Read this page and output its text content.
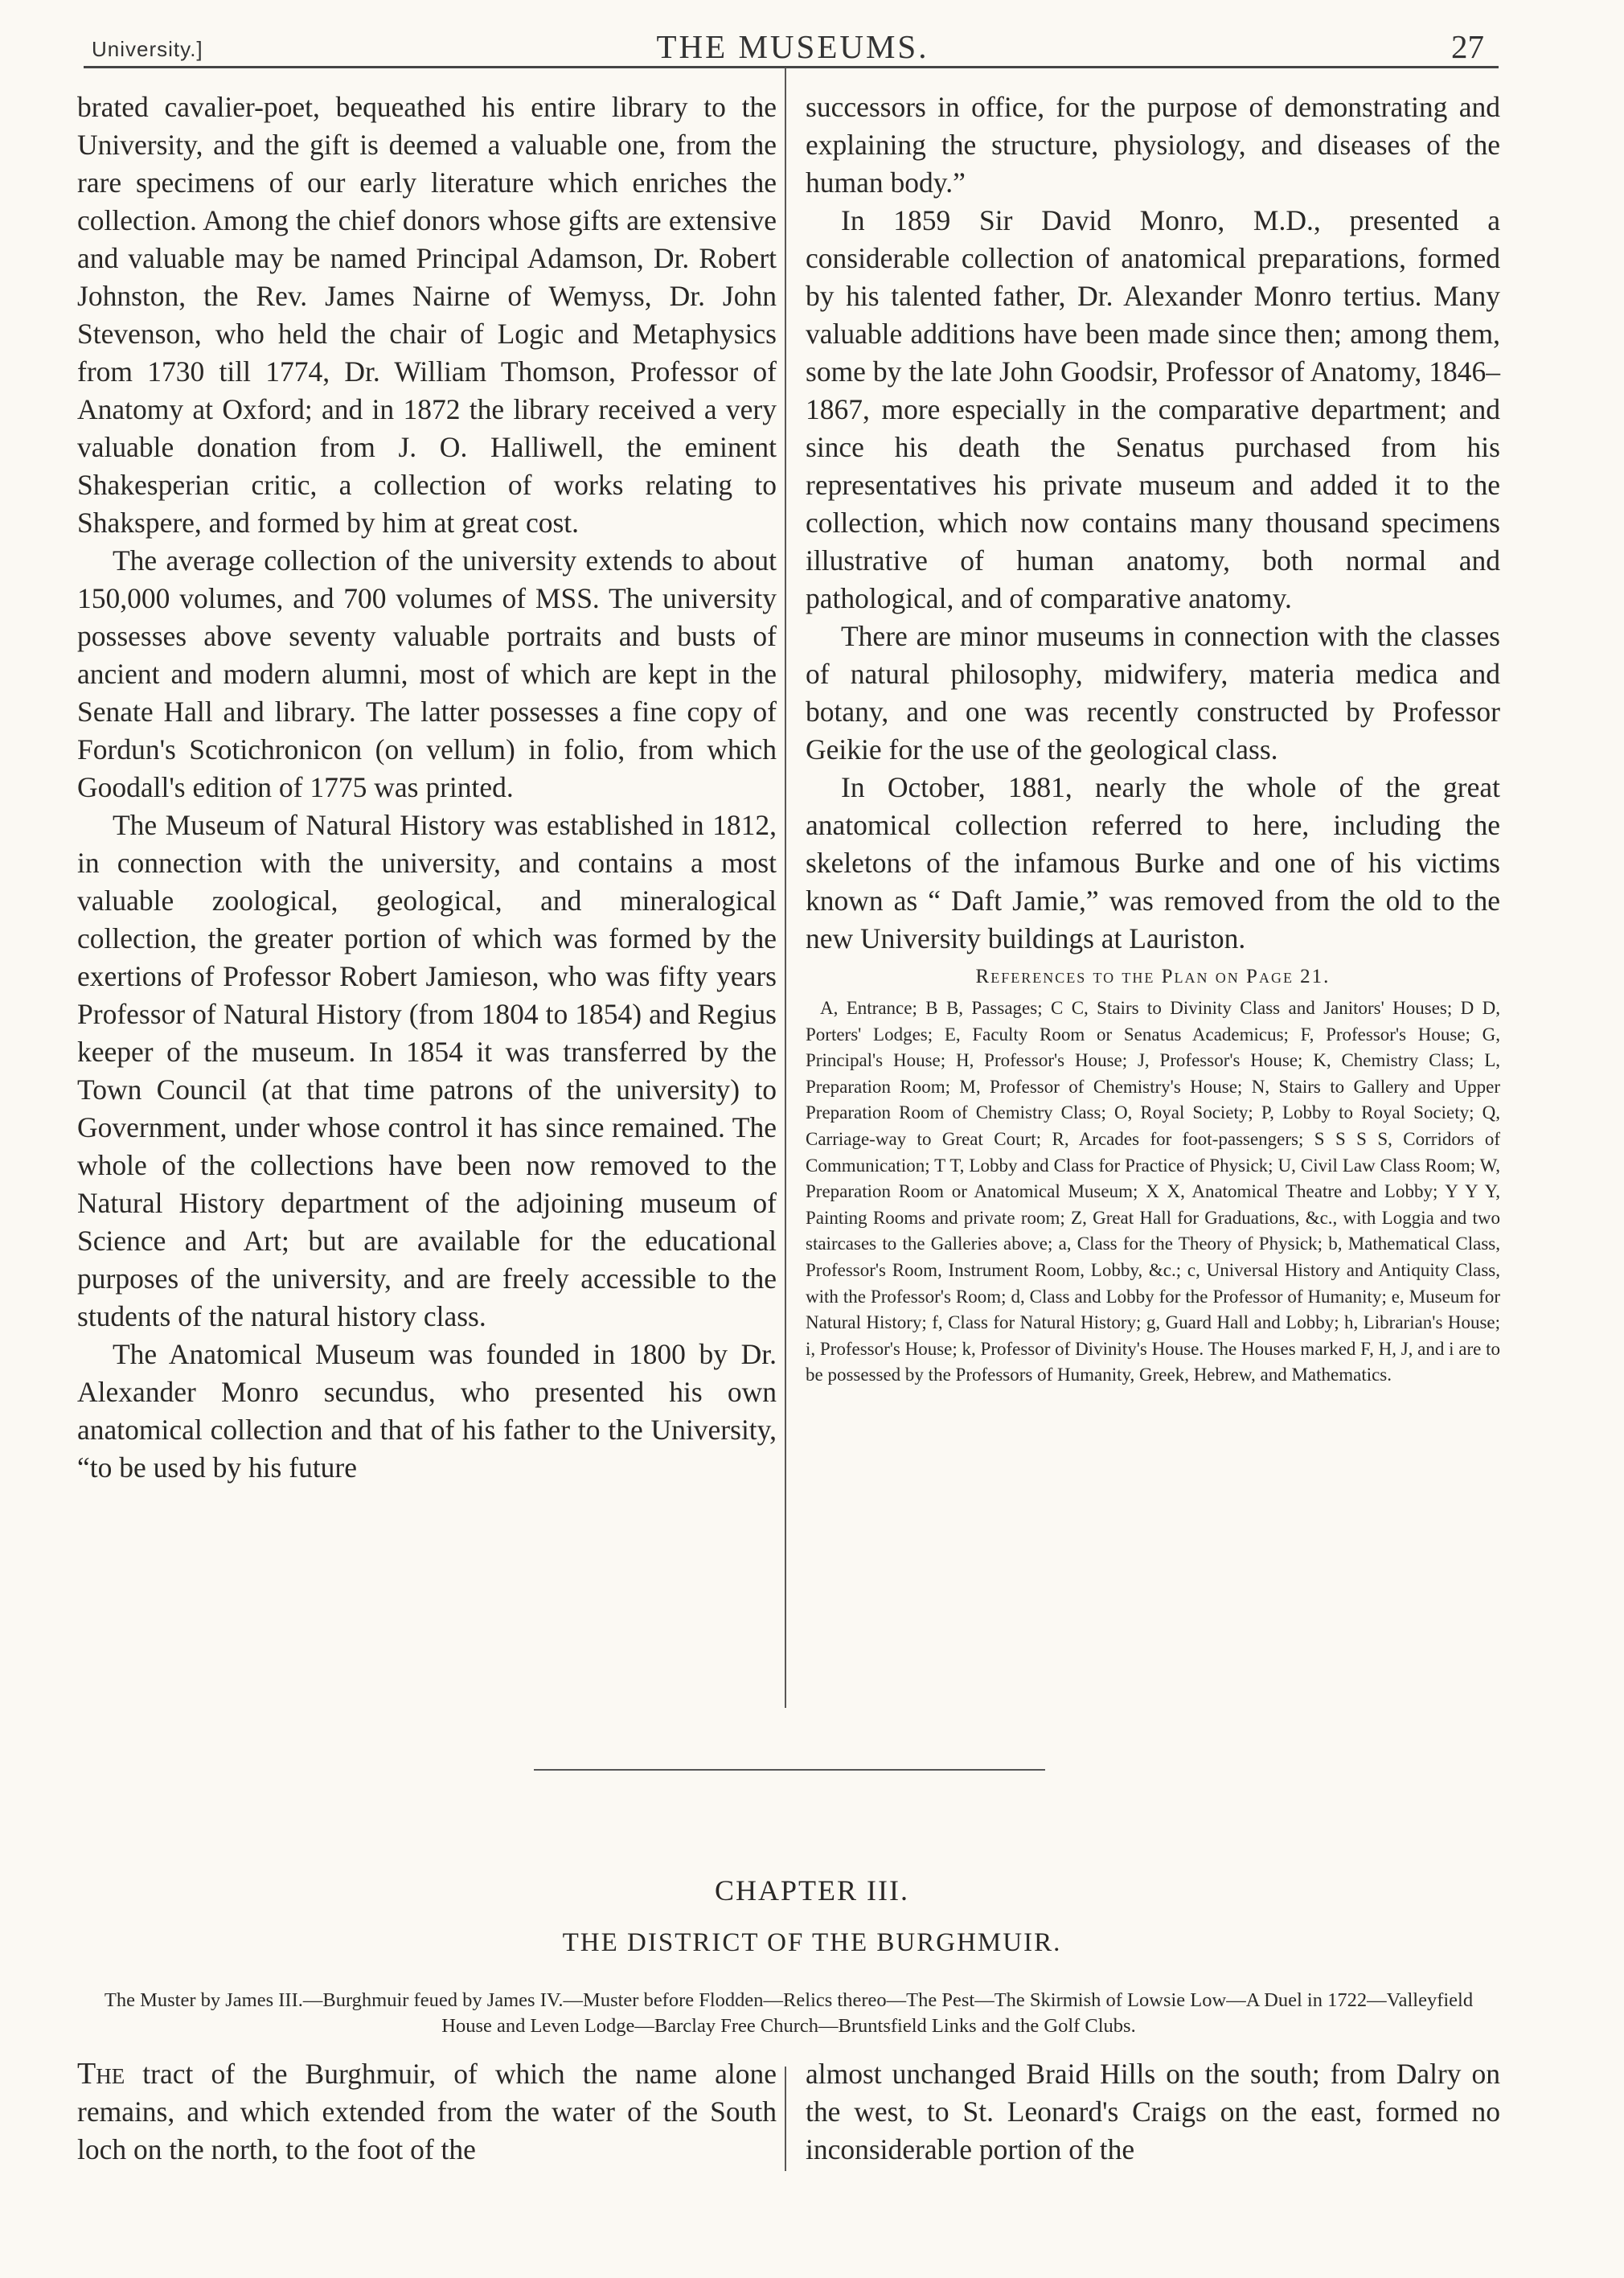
University.]	THE MUSEUMS.	27

brated cavalier-poet, bequeathed his entire library to the University, and the gift is deemed a valuable one, from the rare specimens of our early literature which enriches the collection. Among the chief donors whose gifts are extensive and valuable may be named Principal Adamson, Dr. Robert Johnston, the Rev. James Nairne of Wemyss, Dr. John Stevenson, who held the chair of Logic and Metaphysics from 1730 till 1774, Dr. William Thomson, Professor of Anatomy at Oxford; and in 1872 the library received a very valuable donation from J. O. Halliwell, the eminent Shakesperian critic, a collection of works relating to Shakspere, and formed by him at great cost.

The average collection of the university extends to about 150,000 volumes, and 700 volumes of MSS. The university possesses above seventy valuable portraits and busts of ancient and modern alumni, most of which are kept in the Senate Hall and library. The latter possesses a fine copy of Fordun's Scotichronicon (on vellum) in folio, from which Goodall's edition of 1775 was printed.

The Museum of Natural History was established in 1812, in connection with the university, and contains a most valuable zoological, geological, and mineralogical collection, the greater portion of which was formed by the exertions of Professor Robert Jamieson, who was fifty years Professor of Natural History (from 1804 to 1854) and Regius keeper of the museum. In 1854 it was transferred by the Town Council (at that time patrons of the university) to Government, under whose control it has since remained. The whole of the collections have been now removed to the Natural History department of the adjoining museum of Science and Art; but are available for the educational purposes of the university, and are freely accessible to the students of the natural history class.

The Anatomical Museum was founded in 1800 by Dr. Alexander Monro secundus, who presented his own anatomical collection and that of his father to the University, “to be used by his future

successors in office, for the purpose of demonstrating and explaining the structure, physiology, and diseases of the human body.”

In 1859 Sir David Monro, M.D., presented a considerable collection of anatomical preparations, formed by his talented father, Dr. Alexander Monro tertius. Many valuable additions have been made since then; among them, some by the late John Goodsir, Professor of Anatomy, 1846–1867, more especially in the comparative department; and since his death the Senatus purchased from his representatives his private museum and added it to the collection, which now contains many thousand specimens illustrative of human anatomy, both normal and pathological, and of comparative anatomy.

There are minor museums in connection with the classes of natural philosophy, midwifery, materia medica and botany, and one was recently constructed by Professor Geikie for the use of the geological class.

In October, 1881, nearly the whole of the great anatomical collection referred to here, including the skeletons of the infamous Burke and one of his victims known as “ Daft Jamie,” was removed from the old to the new University buildings at Lauriston.

References to the Plan on Page 21.

A, Entrance; B B, Passages; C C, Stairs to Divinity Class and Janitors' Houses; D D, Porters' Lodges; E, Faculty Room or Senatus Academicus; F, Professor's House; G, Principal's House; H, Professor's House; J, Professor's House; K, Chemistry Class; L, Preparation Room; M, Professor of Chemistry's House; N, Stairs to Gallery and Upper Preparation Room of Chemistry Class; O, Royal Society; P, Lobby to Royal Society; Q, Carriage-way to Great Court; R, Arcades for foot-passengers; S S S S, Corridors of Communication; T T, Lobby and Class for Practice of Physick; U, Civil Law Class Room; W, Preparation Room or Anatomical Museum; X X, Anatomical Theatre and Lobby; Y Y Y, Painting Rooms and private room; Z, Great Hall for Graduations, &c., with Loggia and two staircases to the Galleries above; a, Class for the Theory of Physick; b, Mathematical Class, Professor's Room, Instrument Room, Lobby, &c.; c, Universal History and Antiquity Class, with the Professor's Room; d, Class and Lobby for the Professor of Humanity; e, Museum for Natural History; f, Class for Natural History; g, Guard Hall and Lobby; h, Librarian's House; i, Professor's House; k, Professor of Divinity's House. The Houses marked F, H, J, and i are to be possessed by the Professors of Humanity, Greek, Hebrew, and Mathematics.

CHAPTER III.
THE DISTRICT OF THE BURGHMUIR.
The Muster by James III.—Burghmuir feued by James IV.—Muster before Flodden—Relics thereo—The Pest—The Skirmish of Lowsie Low—A Duel in 1722—Valleyfield House and Leven Lodge—Barclay Free Church—Bruntsfield Links and the Golf Clubs.

The tract of the Burghmuir, of which the name alone remains, and which extended from the water of the South loch on the north, to the foot of the

almost unchanged Braid Hills on the south; from Dalry on the west, to St. Leonard's Craigs on the east, formed no inconsiderable portion of the
